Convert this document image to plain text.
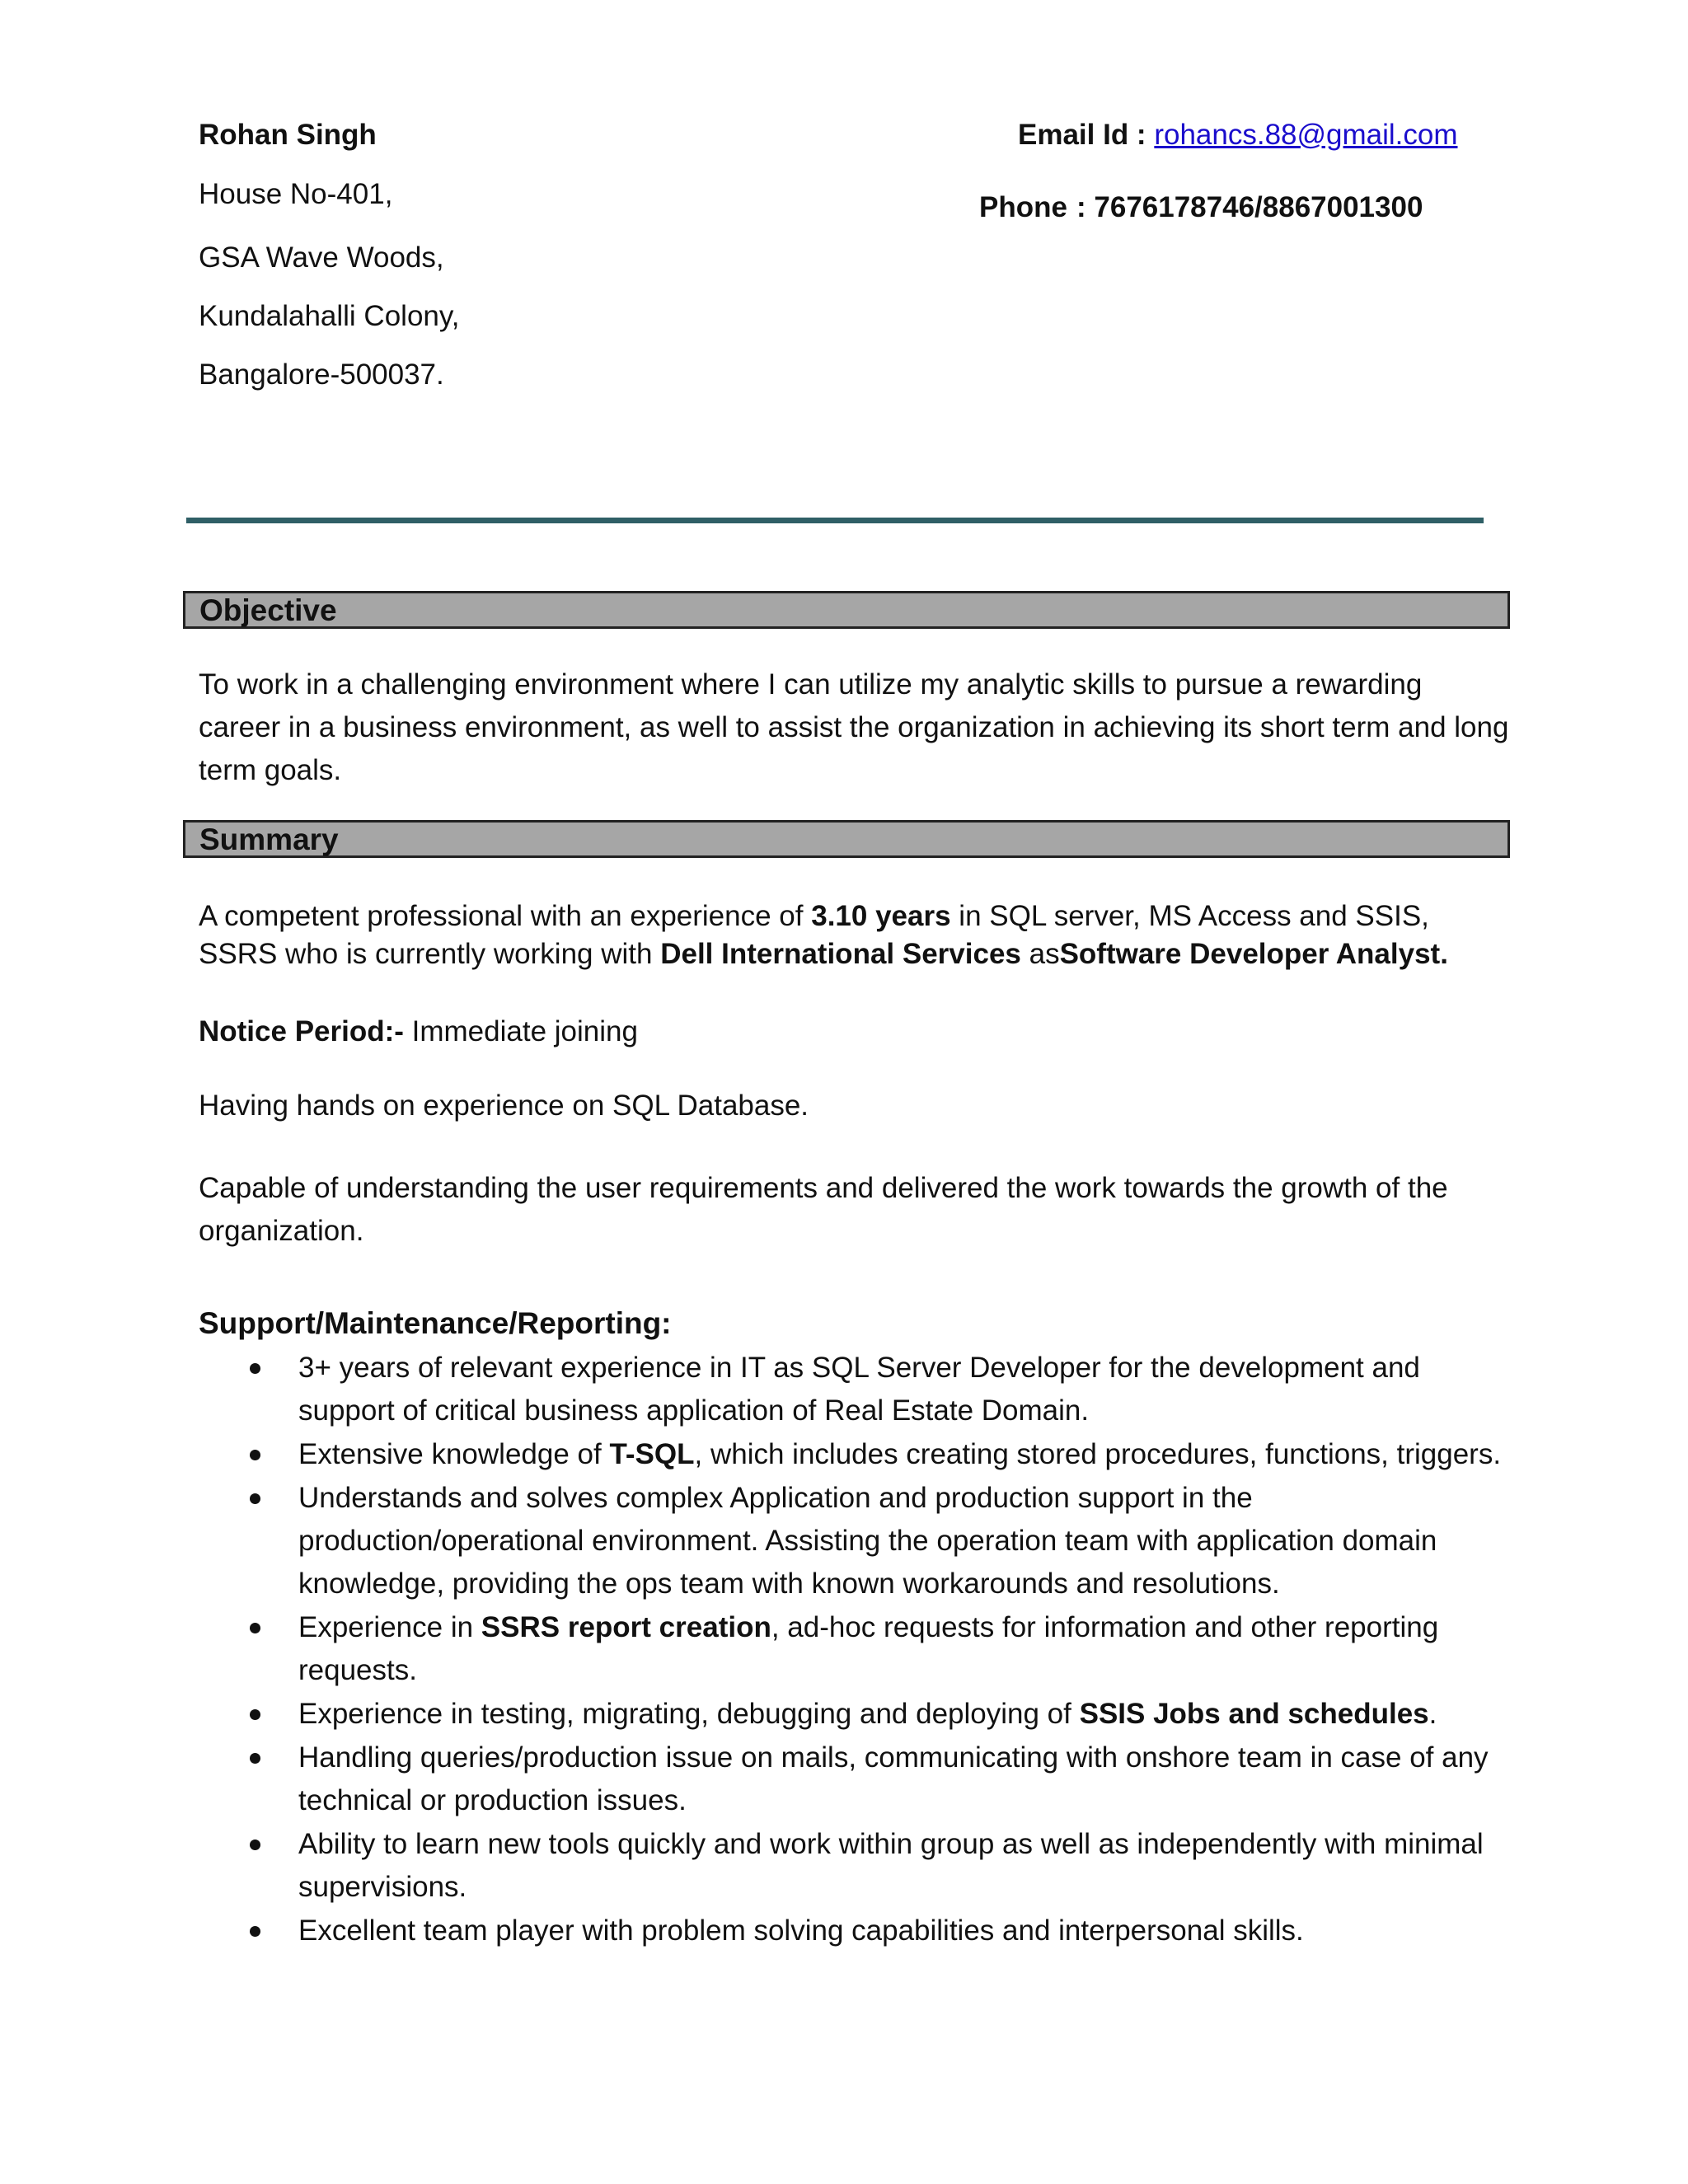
Rohan Singh
House No-401,
GSA Wave Woods,
Kundalahalli Colony,
Bangalore-500037.
Email Id : rohancs.88@gmail.com
Phone : 7676178746/8867001300
Objective

To work in a challenging environment where I can utilize my analytic skills to pursue a rewarding career in a business environment, as well to assist the organization in achieving its short term and long term goals.

Summary

A competent professional with an experience of 3.10 years in SQL server, MS Access and SSIS, SSRS who is currently working with Dell International Services asSoftware Developer Analyst.

Notice Period:- Immediate joining
Having hands on experience on SQL Database.

Capable of understanding the user requirements and delivered the work towards the growth of the organization.

Support/Maintenance/Reporting:
3+ years of relevant experience in IT as SQL Server Developer for the development and support of critical business application of Real Estate Domain.
Extensive knowledge of T-SQL, which includes creating stored procedures, functions, triggers.
Understands and solves complex Application and production support in the production/operational environment. Assisting the operation team with application domain knowledge, providing the ops team with known workarounds and resolutions.
Experience in SSRS report creation, ad-hoc requests for information and other reporting requests.
Experience in testing, migrating, debugging and deploying of SSIS Jobs and schedules.
Handling queries/production issue on mails, communicating with onshore team in case of any technical or production issues.
Ability to learn new tools quickly and work within group as well as independently with minimal supervisions.
Excellent team player with problem solving capabilities and interpersonal skills.
